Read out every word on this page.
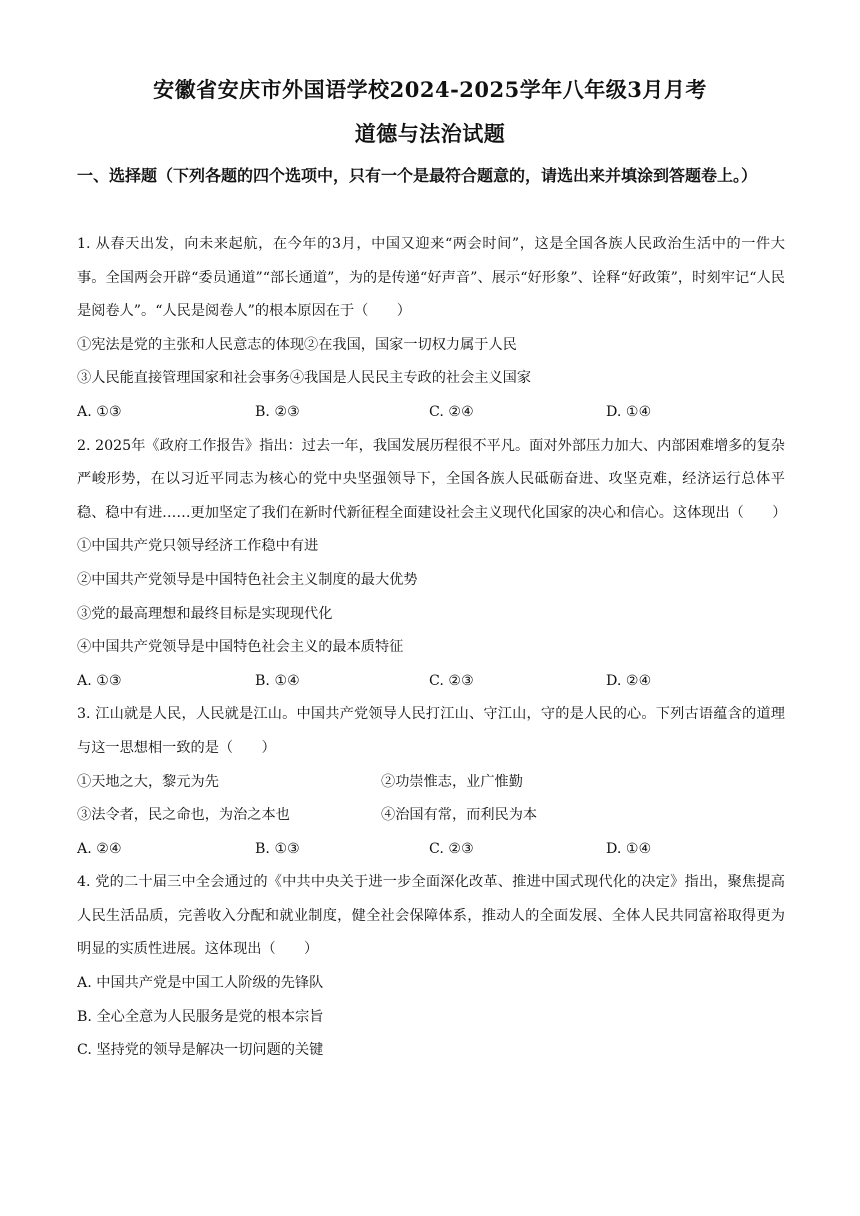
安徽省安庆市外国语学校2024-2025学年八年级3月月考
道德与法治试题
一、选择题（下列各题的四个选项中，只有一个是最符合题意的，请选出来并填涂到答题卷上。）
1. 从春天出发，向未来起航，在今年的3月，中国又迎来“两会时间”，这是全国各族人民政治生活中的一件大事。全国两会开辟“委员通道”“部长通道”，为的是传递“好声音”、展示“好形象”、诠释“好政策”，时刻牢记“人民是阅卷人”。“人民是阅卷人”的根本原因在于（　　）
①宪法是党的主张和人民意志的体现②在我国，国家一切权力属于人民
③人民能直接管理国家和社会事务④我国是人民民主专政的社会主义国家
A. ①③	B. ②③	C. ②④	D. ①④
2. 2025年《政府工作报告》指出：过去一年，我国发展历程很不平凡。面对外部压力加大、内部困难增多的复杂严峻形势，在以习近平同志为核心的党中央坚强领导下，全国各族人民砥砺奋进、攻坚克难，经济运行总体平稳、稳中有进……更加坚定了我们在新时代新征程全面建设社会主义现代化国家的决心和信心。这体现出（　　）
①中国共产党只领导经济工作稳中有进
②中国共产党领导是中国特色社会主义制度的最大优势
③党的最高理想和最终目标是实现现代化
④中国共产党领导是中国特色社会主义的最本质特征
A. ①③	B. ①④	C. ②③	D. ②④
3. 江山就是人民，人民就是江山。中国共产党领导人民打江山、守江山，守的是人民的心。下列古语蕴含的道理与这一思想相一致的是（　　）
①天地之大，黎元为先	②功崇惟志，业广惟勤
③法令者，民之命也，为治之本也	④治国有常，而利民为本
A. ②④	B. ①③	C. ②③	D. ①④
4. 党的二十届三中全会通过的《中共中央关于进一步全面深化改革、推进中国式现代化的决定》指出，聚焦提高人民生活品质，完善收入分配和就业制度，健全社会保障体系，推动人的全面发展、全体人民共同富裕取得更为明显的实质性进展。这体现出（　　）
A. 中国共产党是中国工人阶级的先锋队
B. 全心全意为人民服务是党的根本宗旨
C. 坚持党的领导是解决一切问题的关键
